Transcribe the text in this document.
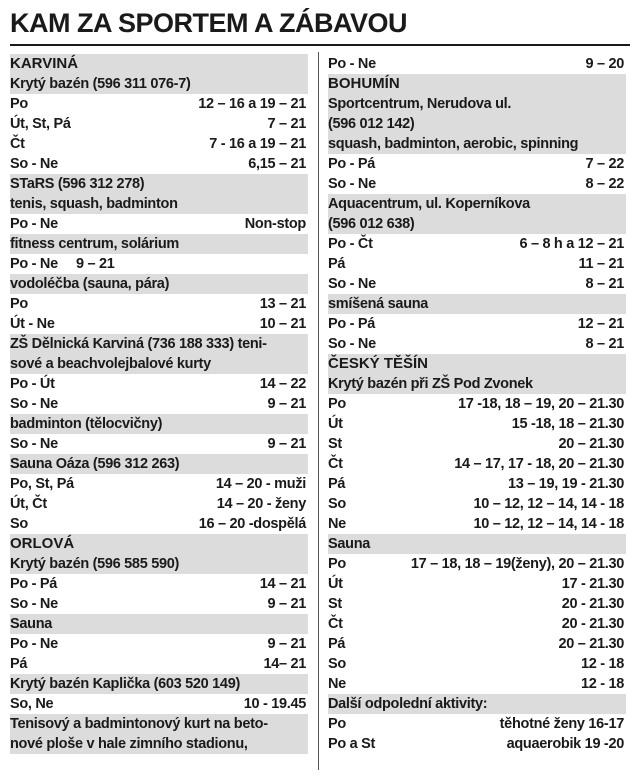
KAM ZA SPORTEM A ZÁBAVOU
KARVINÁ
Krytý bazén (596 311 076-7)
Po	12 – 16 a 19 – 21
Út, St, Pá	7 – 21
Čt	7 - 16 a 19 – 21
So - Ne	6,15 – 21
STaRS (596 312 278)
tenis, squash, badminton
Po - Ne	Non-stop
fitness centrum, solárium
Po - Ne 9 – 21
vodoléčba (sauna, pára)
Po	13 – 21
Út - Ne	10 – 21
ZŠ Dělnická Karviná (736 188 333) teni-
sové a beachvolejbalové kurty
Po - Út	14 – 22
So - Ne	9 – 21
badminton (tělocvičny)
So - Ne	9 – 21
Sauna Oáza (596 312 263)
Po, St, Pá	14 – 20 - muži
Út, Čt	14 – 20 - ženy
So	16 – 20 -dospělá
ORLOVÁ
Krytý bazén (596 585 590)
Po - Pá	14 – 21
So - Ne	9 – 21
Sauna
Po - Ne	9 – 21
Pá	14– 21
Krytý bazén Kaplička (603 520 149)
So, Ne	10 - 19.45
Tenisový a badmintonový kurt na beto-
nové ploše v hale zimního stadionu,
Po - Ne	9 – 20
BOHUMÍN
Sportcentrum, Nerudova ul.
(596 012 142)
squash, badminton, aerobic, spinning
Po - Pá	7 – 22
So - Ne	8 – 22
Aquacentrum, ul. Koperníkova
(596 012 638)
Po - Čt	6 – 8 h a 12 – 21
Pá	11 – 21
So - Ne	8 – 21
smíšená sauna
Po - Pá	12 – 21
So - Ne	8 – 21
ČESKÝ TĚŠÍN
Krytý bazén při ZŠ Pod Zvonek
Po	17 -18, 18 – 19, 20 – 21.30
Út	15 -18, 18 – 21.30
St	20 – 21.30
Čt	14 – 17, 17 - 18, 20 – 21.30
Pá	13 – 19, 19 - 21.30
So	10 – 12, 12 – 14, 14 - 18
Ne	10 – 12, 12 – 14, 14 - 18
Sauna
Po	17 – 18, 18 – 19(ženy), 20 – 21.30
Út	17 - 21.30
St	20 - 21.30
Čt	20 - 21.30
Pá	20 – 21.30
So	12 - 18
Ne	12 - 18
Další odpolední aktivity:
Po	těhotné ženy 16-17
Po a St	aquaerobik 19 -20
